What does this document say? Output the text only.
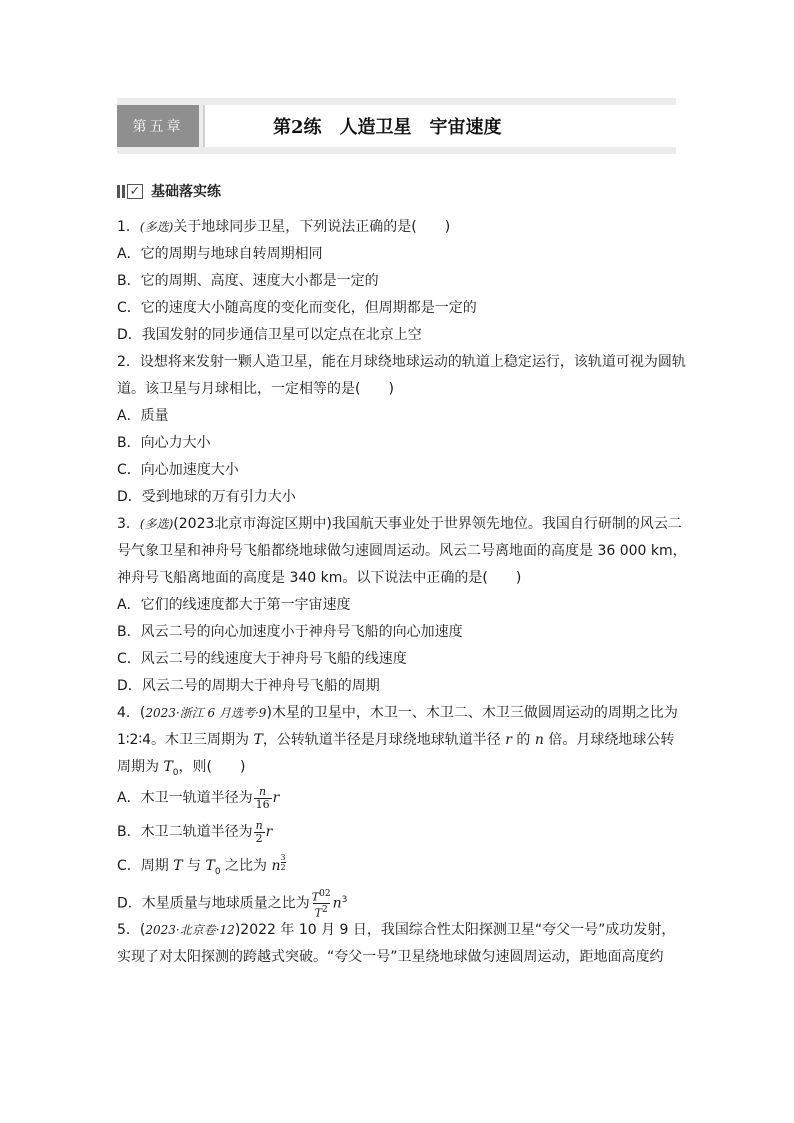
第五章	第2练　人造卫星　宇宙速度
✓ 基础落实练
1．(多选)关于地球同步卫星，下列说法正确的是(　　)
A．它的周期与地球自转周期相同
B．它的周期、高度、速度大小都是一定的
C．它的速度大小随高度的变化而变化，但周期都是一定的
D．我国发射的同步通信卫星可以定点在北京上空
2．设想将来发射一颗人造卫星，能在月球绕地球运动的轨道上稳定运行，该轨道可视为圆轨
道。该卫星与月球相比，一定相等的是(　　)
A．质量
B．向心力大小
C．向心加速度大小
D．受到地球的万有引力大小
3．(多选)(2023北京市海淀区期中)我国航天事业处于世界领先地位。我国自行研制的风云二
号气象卫星和神舟号飞船都绕地球做匀速圆周运动。风云二号离地面的高度是 36 000 km，
神舟号飞船离地面的高度是 340 km。以下说法中正确的是(　　)
A．它们的线速度都大于第一宇宙速度
B．风云二号的向心加速度小于神舟号飞船的向心加速度
C．风云二号的线速度大于神舟号飞船的线速度
D．风云二号的周期大于神舟号飞船的周期
4．(2023·浙江 6 月选考·9)木星的卫星中，木卫一、木卫二、木卫三做圆周运动的周期之比为
1∶2∶4。木卫三周期为 T，公转轨道半径是月球绕地球轨道半径 r 的 n 倍。月球绕地球公转
周期为 $T_0$，则(　　)
A．木卫一轨道半径为 $\frac{n}{16}$ r
B．木卫二轨道半径为 $\frac{n}{2}$ r
C．周期 T 与 $T_0$ 之比为 n $^{\frac{3}{2}}$
D．木星质量与地球质量之比为 $\frac{T^{02}}{T^2} n^3$
5．(2023·北京卷·12)2022 年 10 月 9 日，我国综合性太阳探测卫星“夸父一号”成功发射，
实现了对太阳探测的跨越式突破。“夸父一号”卫星绕地球做匀速圆周运动，距地面高度约
